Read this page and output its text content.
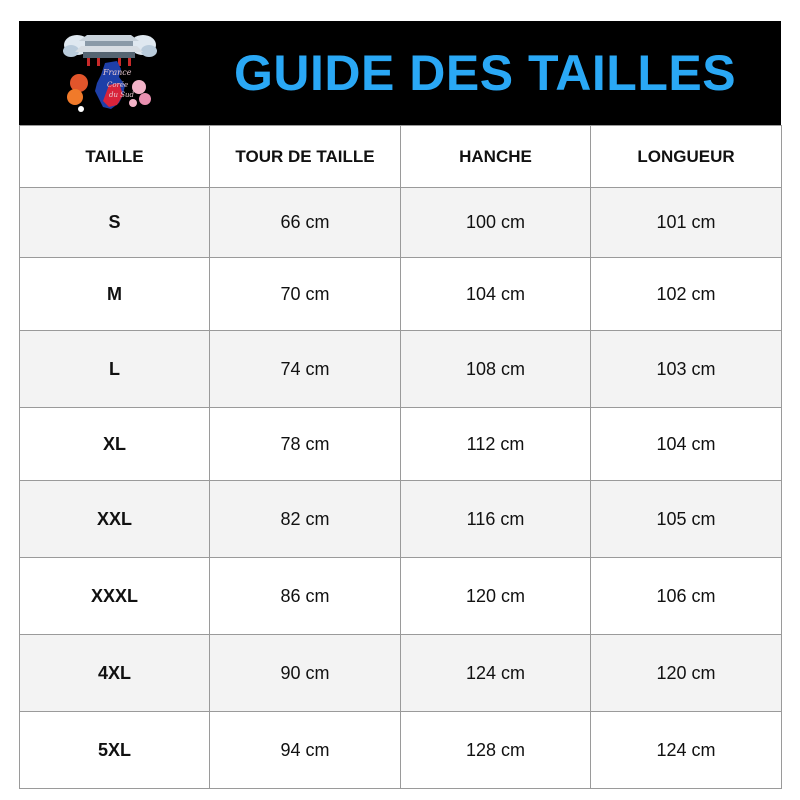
France
Corée
du Sud GUIDE DES TAILLES
TAILLE	TOUR DE TAILLE	HANCHE	LONGUEUR
S	66 cm	100 cm	101 cm
M	70 cm	104 cm	102 cm
L	74 cm	108 cm	103 cm
XL	78 cm	112 cm	104 cm
XXL	82 cm	116 cm	105 cm
XXXL	86 cm	120 cm	106 cm
4XL	90 cm	124 cm	120 cm
5XL	94 cm	128 cm	124 cm
